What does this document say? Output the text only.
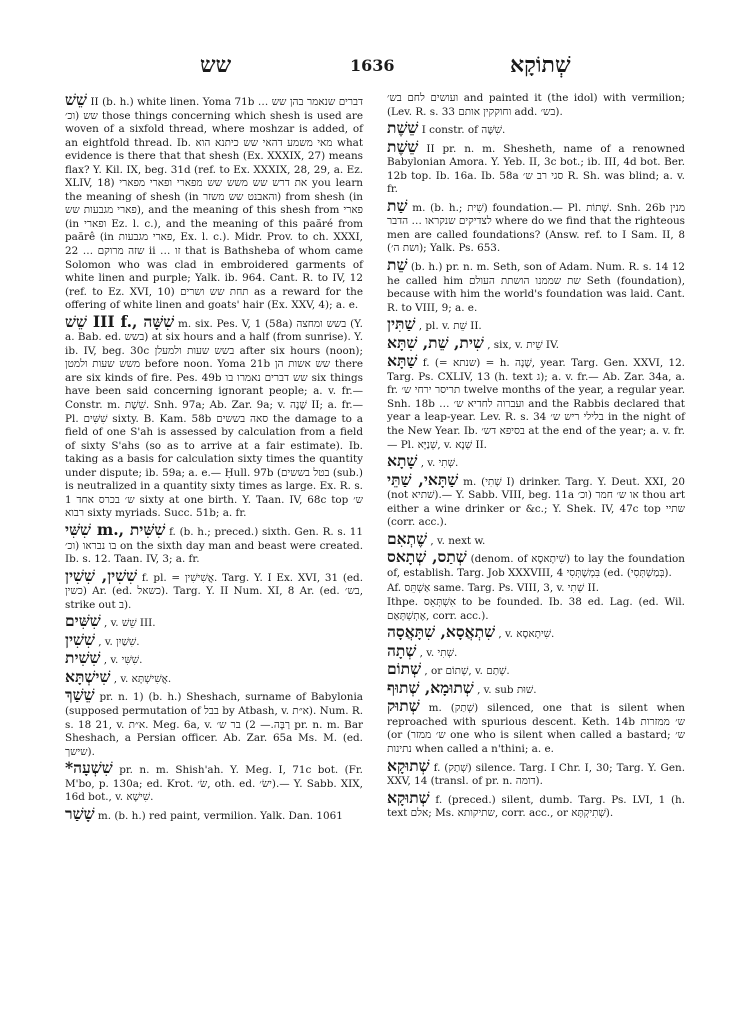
שש	1636	שְׁתוֹקָא

שֵׁשׁ II (b. h.) white linen. Yoma 71b דברים שנאמר בהן שש … שש (וכ׳ those things concerning which shesh is used are woven of a sixfold thread, where moshzar is added, of an eightfold thread. Ib. מאי משמע דהאי שש כיתנא הוא what evidence is there that that shesh (Ex. XXXIX, 27) means flax? Y. Kil. IX, beg. 31d (ref. to Ex. XXXIX, 28, 29, a. Ez. XLIV, 18) את דרש שש משש שש מפארי ופארי מפארי you learn the meaning of shesh (in והאבנט שש משזר) from shesh (in פארי מגבעות שש), and the meaning of this shesh from פארי (in ופארי Ez. l. c.), and the meaning of this paăré from paărê (in פארי מגבעות, Ex. l. c.). Midr. Prov. to ch. XXXI, 22 … שזה מרוקם ii … זו that is Bathsheba of whom came Solomon who was clad in embroidered garments of white linen and purple; Yalk. ib. 964. Cant. R. to IV, 12 (ref. to Ez. XVI, 10) תחת שש ושרים as a reward for the offering of white linen and goats' hair (Ex. XXV, 4); a. e.

שֵׁשׁ III f., שִׁשָּׁה m. six. Pes. V, 1 (58a) בשש ומחצה (Y. a. Bab. ed. בשש) at six hours and a half (from sunrise). Y. ib. IV, beg. 30c בשש שעות ולמעלן after six hours (noon); משש שעות ולמטן before noon. Yoma 21b שש אשות הן there are six kinds of fire. Pes. 49b שש דברים נאמרו בו six things have been said concerning ignorant people; a. v. fr.— Constr. m. שֵׁשֶׁת. Snh. 97a; Ab. Zar. 9a; v. שֶׁנָה II; a. fr.— Pl. שִׁשִּׁים sixty. B. Kam. 58b סאה בששים the damage to a field of one S'ah is assessed by calculation from a field of sixty S'ahs (so as to arrive at a fair estimate). Ib. taking as a basis for calculation sixty times the quantity under dispute; ib. 59a; a. e.— Ḥull. 97b (בטל בששים (sub.) is neutralized in a quantity sixty times as large. Ex. R. s. 1 ש׳ בכרס אחד sixty at one birth. Y. Taan. IV, 68c top ש׳ רבוא sixty myriads. Succ. 51b; a. fr.

שִׁשִּׁי m., שִׁשִּׁית f. (b. h.; preced.) sixth. Gen. R. s. 11 בו נבראו (וכ׳ on the sixth day man and beast were created. Ib. s. 12. Taan. IV, 3; a. fr.

שִׁשִׁין, שִׁשִׁין f. pl. = אֲשִׁישִׁין. Targ. Y. I Ex. XVI, 31 (ed. כשין) Ar. (ed. כשאל). Targ. Y. II Num. XI, 8 Ar. (ed. בש׳, strike out ב).

שִׁשִּׁים , v. שֵׁשׁ III.

שִׁשִׁין , v. שִׁשַׁיִן.

שִׁשִׁית , v. שִׁשִּׁי.

שִׁישְׁתָּא , v. אֲשִׁישְׁתָּא.

שֵׁשַׁךְ pr. n. 1) (b. h.) Sheshach, surname of Babylonia (supposed permutation of בבל by Atbash, v. א״ת). Num. R. s. 18 21, v. א״ת. Meg. 6a, v. רַבָּה.— 2) בר ש׳ pr. n. m. Bar Sheshach, a Persian officer. Ab. Zar. 65a Ms. M. (ed. שישך).

*שִׁשְׁעָה pr. n. m. Shish'ah. Y. Meg. I, 71c bot. (Fr. M'bo, p. 130a; ed. Krot. שׂ׳, oth. ed. ישׂ׳).— Y. Sabb. XIX, 16d bot., v. שִׁישָׁא.

שָׁשַׁר m. (b. h.) red paint, vermilion. Yalk. Dan. 1061

ועושים לחם בש׳ and painted it (the idol) with vermilion; (Lev. R. s. 33 וחוקקין אותם add. בש׳).

שֵׁשֶׁת I constr. of שִׁשָּׁה.

שֵׁשֶׁת II pr. n. m. Shesheth, name of a renowned Babylonian Amora. Y. Yeb. II, 3c bot.; ib. III, 4d bot. Ber. 12b top. Ib. 16a. Ib. 58a סגי רב ש׳ R. Sh. was blind; a. v. fr.

שַׁת m. (b. h.; שִׁית) foundation.— Pl. שָׁתוֹת. Snh. 26b מנין לצדיקים שנקראו … הדבר where do we find that the righteous men are called foundations? (Answ. ref. to I Sam. II, 8 (ושת ה׳); Yalk. Ps. 653.

שֵׁת (b. h.) pr. n. m. Seth, son of Adam. Num. R. s. 14 12 he called him שת שממנו הושתת העולם Seth (foundation), because with him the world's foundation was laid. Cant. R. to VIII, 9; a. e.

שַׁתִּין , pl. v. שֵׁת II.

שִׁית, שֵׁת, שִׁתָּא , six, v. שֵׁית IV.

שַׁתָּא f. (= שנתא) = h. שָׁנָה, year. Targ. Gen. XXVI, 12. Targ. Ps. CXLIV, 13 (h. text ג); a. v. fr.— Ab. Zar. 34a, a. fr. תריסר ירחי ש׳ twelve months of the year, a regular year. Snh. 18b … ועברוה לחדיא ש׳ and the Rabbis declared that year a leap-year. Lev. R. s. 34 בלילי ריש ש׳ in the night of the New Year. Ib. בסיפא דש׳ at the end of the year; a. v. fr.— Pl. שְׁנַיָּא, v. שְׁנָא II.

שָׁתָא , v. שְׁתִי.

שַׁתָּאי, שַׁתֵּי m. (שְׁתִי I) drinker. Targ. Y. Deut. XXI, 20 (not שׁתיא).— Y. Sabb. VIII, beg. 11a או ש׳ חמר (וכ׳ thou art either a wine drinker or &c.; Y. Shek. IV, 47c top שתיי (corr. acc.).

שֶׁתְאִם , v. next w.

שְׁתַס, שְׁתָאס (denom. of שִׁיתָאסָא) to lay the foundation of, establish. Targ. Job XXXVIII, 4 בִּמְשָׁתְּסִי (ed. (בְּמַשְׁתְּסִי).

Af. אַשְׁתֵּס same. Targ. Ps. VIII, 3, v. שְׁתִי II.

Ithpe. אִשְׁתְּאֵס to be founded. Ib. 38 ed. Lag. (ed. Wil. אֶתְשְׁתָּאַם, corr. acc.).

שִׁתְאֲסָא, שִׁתָּאֲסָה , v. שִׁיתָאסָא.

שְׁתָה , v. שְׁתִי.

שְׁתוֹם , or שְׁתוֹם, v. שְׁתַם.

שְׁתוּמָא, שְׁתוּף , v. sub שׁוּת.

שְׁתוּק m. (שְׁתַק) silenced, one that is silent when reproached with spurious descent. Keth. 14b ש׳ ממזרות (or (ש׳ ממזר one who is silent when called a bastard; ש׳ נתינות when called a n'thini; a. e.

שְׁתוּקָא f. (שְׁתַק) silence. Targ. I Chr. I, 30; Targ. Y. Gen. XXV, 14 (transl. of pr. n. דומה).

שְׁתוּקָא f. (preced.) silent, dumb. Targ. Ps. LVI, 1 (h. text אלם; Ms. שתיקותא, corr. acc., or שְׁתִיקְתָּא).
